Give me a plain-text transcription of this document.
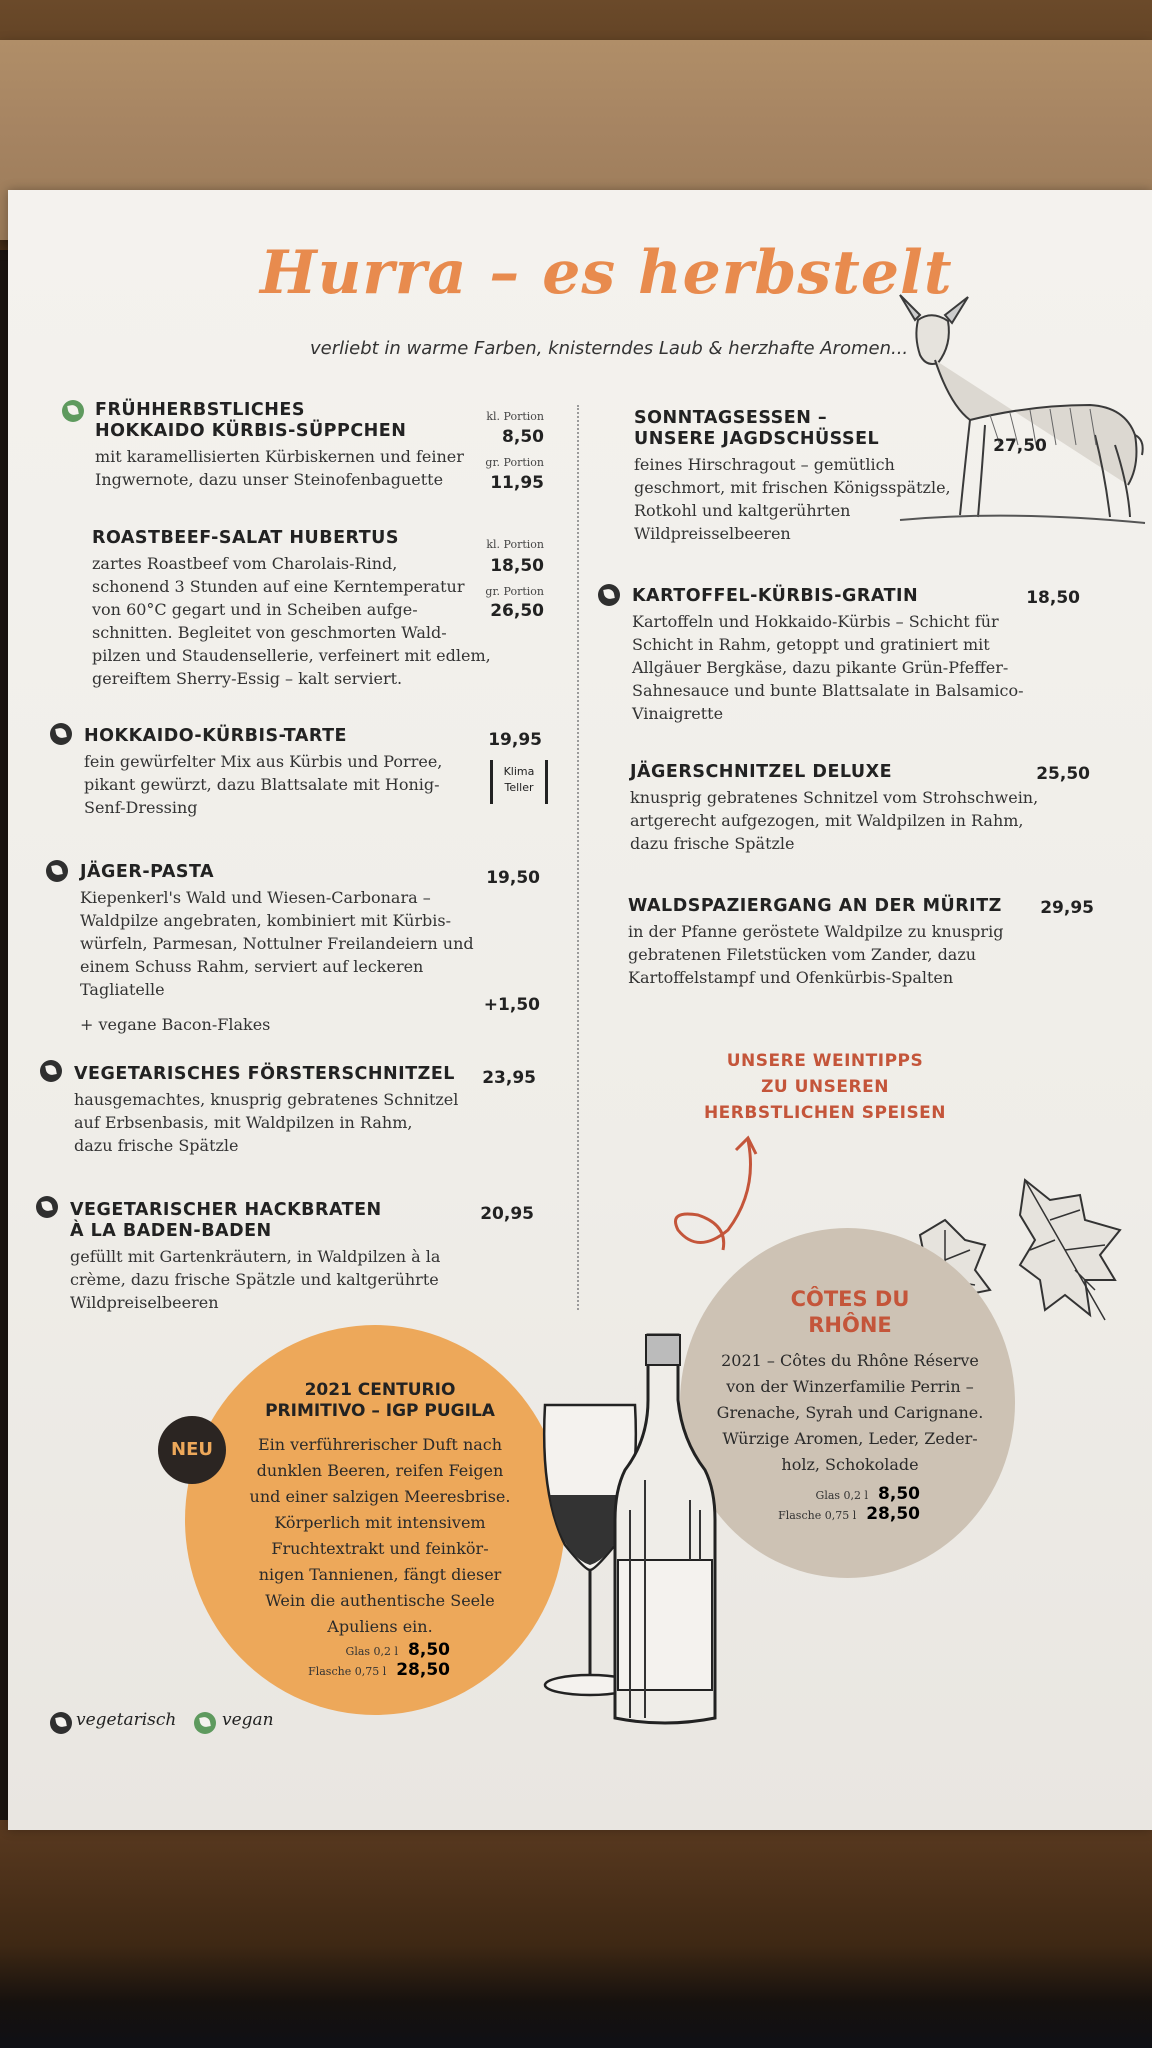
Hurra – es herbstelt
verliebt in warme Farben, knisterndes Laub & herzhafte Aromen...
FRÜHHERBSTLICHES
HOKKAIDO KÜRBIS-SÜPPCHEN
mit karamellisierten Kürbiskernen und feiner
Ingwernote, dazu unser Steinofenbaguette
kl. Portion
8,50
gr. Portion
11,95
ROASTBEEF-SALAT HUBERTUS
zartes Roastbeef vom Charolais-Rind,
schonend 3 Stunden auf eine Kerntemperatur
von 60°C gegart und in Scheiben aufge-
schnitten. Begleitet von geschmorten Wald-
pilzen und Staudensellerie, verfeinert mit edlem,
gereiftem Sherry-Essig – kalt serviert.
kl. Portion
18,50
gr. Portion
26,50
HOKKAIDO-KÜRBIS-TARTE
fein gewürfelter Mix aus Kürbis und Porree,
pikant gewürzt, dazu Blattsalate mit Honig-
Senf-Dressing
19,95
Klima
Teller
JÄGER-PASTA
Kiepenkerl's Wald und Wiesen-Carbonara –
Waldpilze angebraten, kombiniert mit Kürbis-
würfeln, Parmesan, Nottulner Freilandeiern und
einem Schuss Rahm, serviert auf leckeren Tagliatelle
+ vegane Bacon-Flakes
19,50
+1,50
VEGETARISCHES FÖRSTERSCHNITZEL
hausgemachtes, knusprig gebratenes Schnitzel
auf Erbsenbasis, mit Waldpilzen in Rahm,
dazu frische Spätzle
23,95
VEGETARISCHER HACKBRATEN
À LA BADEN-BADEN
gefüllt mit Gartenkräutern, in Waldpilzen à la
crème, dazu frische Spätzle und kaltgerührte
Wildpreiselbeeren
20,95
SONNTAGSESSEN –
UNSERE JAGDSCHÜSSEL
feines Hirschragout – gemütlich
geschmort, mit frischen Königsspätzle,
Rotkohl und kaltgerührten
Wildpreisselbeeren
27,50
KARTOFFEL-KÜRBIS-GRATIN
Kartoffeln und Hokkaido-Kürbis – Schicht für
Schicht in Rahm, getoppt und gratiniert mit
Allgäuer Bergkäse, dazu pikante Grün-Pfeffer-
Sahnesauce und bunte Blattsalate in Balsamico-
Vinaigrette
18,50
JÄGERSCHNITZEL DELUXE
knusprig gebratenes Schnitzel vom Strohschwein,
artgerecht aufgezogen, mit Waldpilzen in Rahm,
dazu frische Spätzle
25,50
WALDSPAZIERGANG AN DER MÜRITZ
in der Pfanne geröstete Waldpilze zu knusprig
gebratenen Filetstücken vom Zander, dazu
Kartoffelstampf und Ofenkürbis-Spalten
29,95
UNSERE WEINTIPPS
ZU UNSEREN
HERBSTLICHEN SPEISEN
NEU
2021 CENTURIO
PRIMITIVO – IGP PUGILA
Ein verführerischer Duft nach
dunklen Beeren, reifen Feigen
und einer salzigen Meeresbrise.
Körperlich mit intensivem
Fruchtextrakt und feinkör-
nigen Tannienen, fängt dieser
Wein die authentische Seele
Apuliens ein.
Glas 0,2 l 8,50
Flasche 0,75 l 28,50
CÔTES DU
RHÔNE
2021 – Côtes du Rhône Réserve
von der Winzerfamilie Perrin –
Grenache, Syrah und Carignane.
Würzige Aromen, Leder, Zeder-
holz, Schokolade
Glas 0,2 l 8,50
Flasche 0,75 l 28,50
vegetarisch	vegan
